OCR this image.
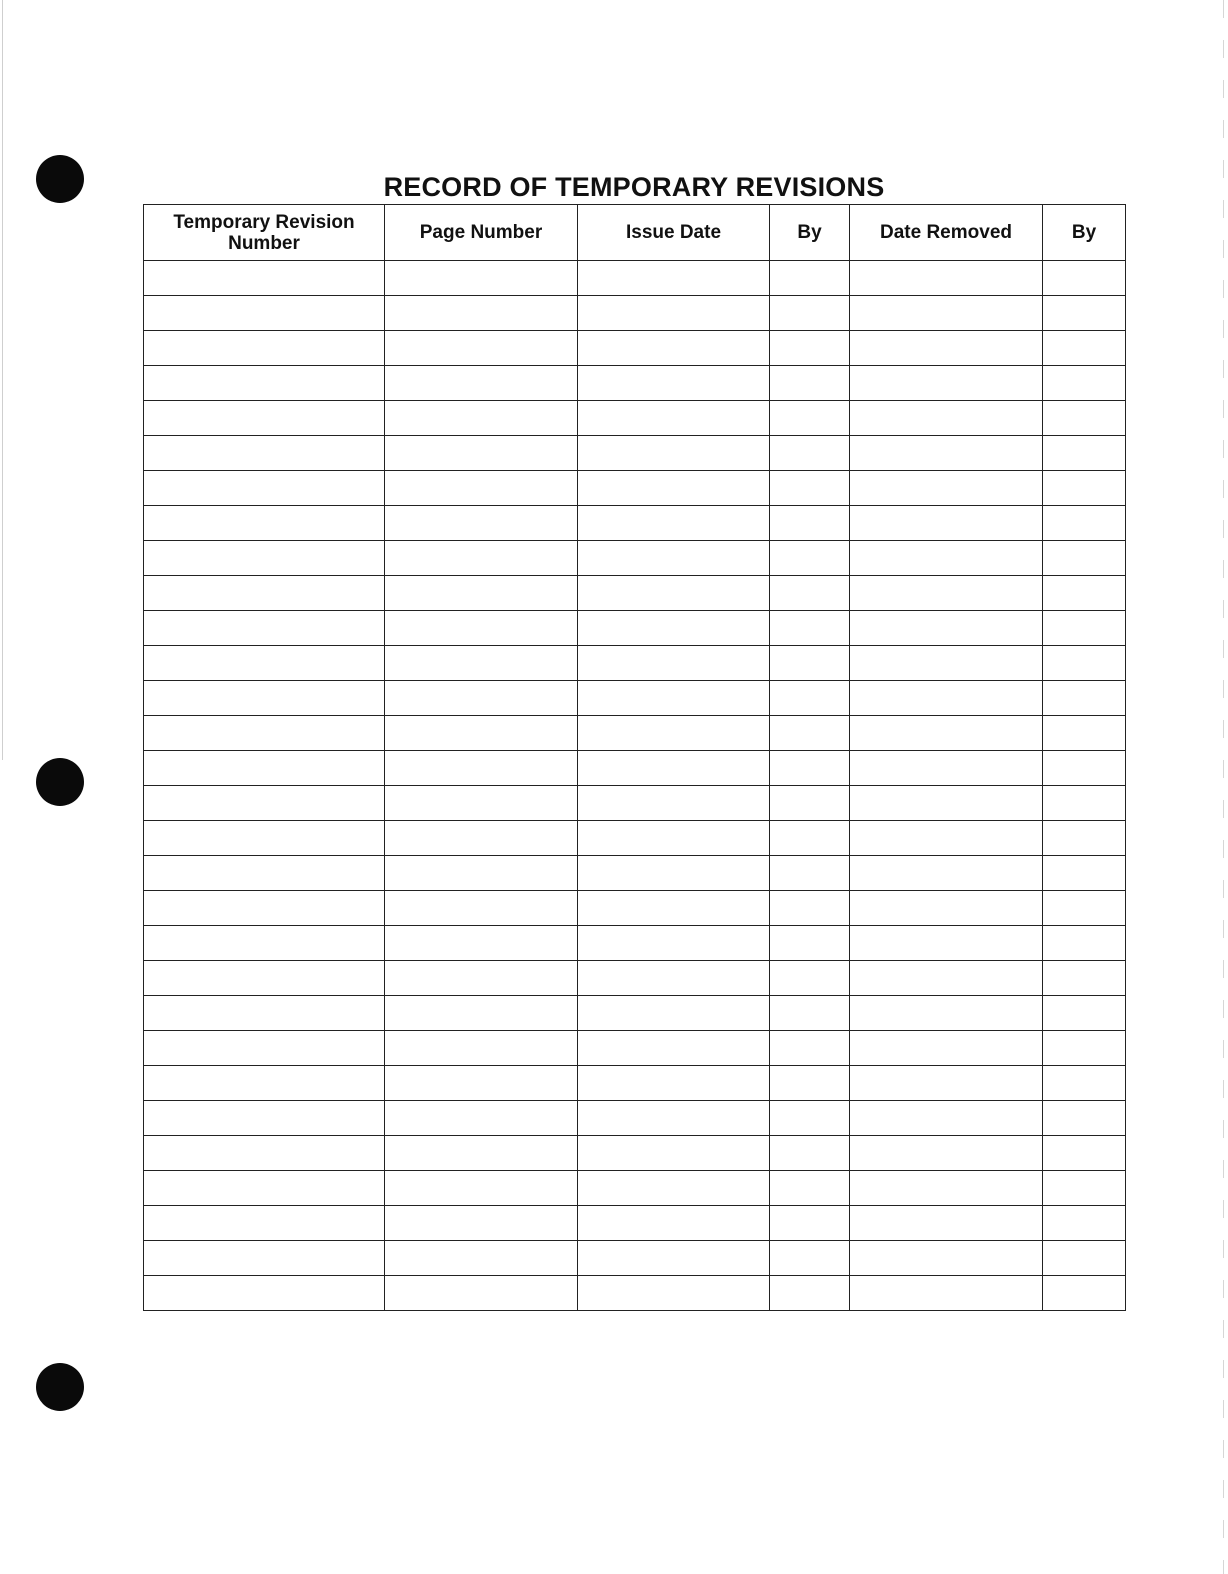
RECORD OF TEMPORARY REVISIONS
Temporary Revision Number	Page Number	Issue Date	By	Date Removed	By
